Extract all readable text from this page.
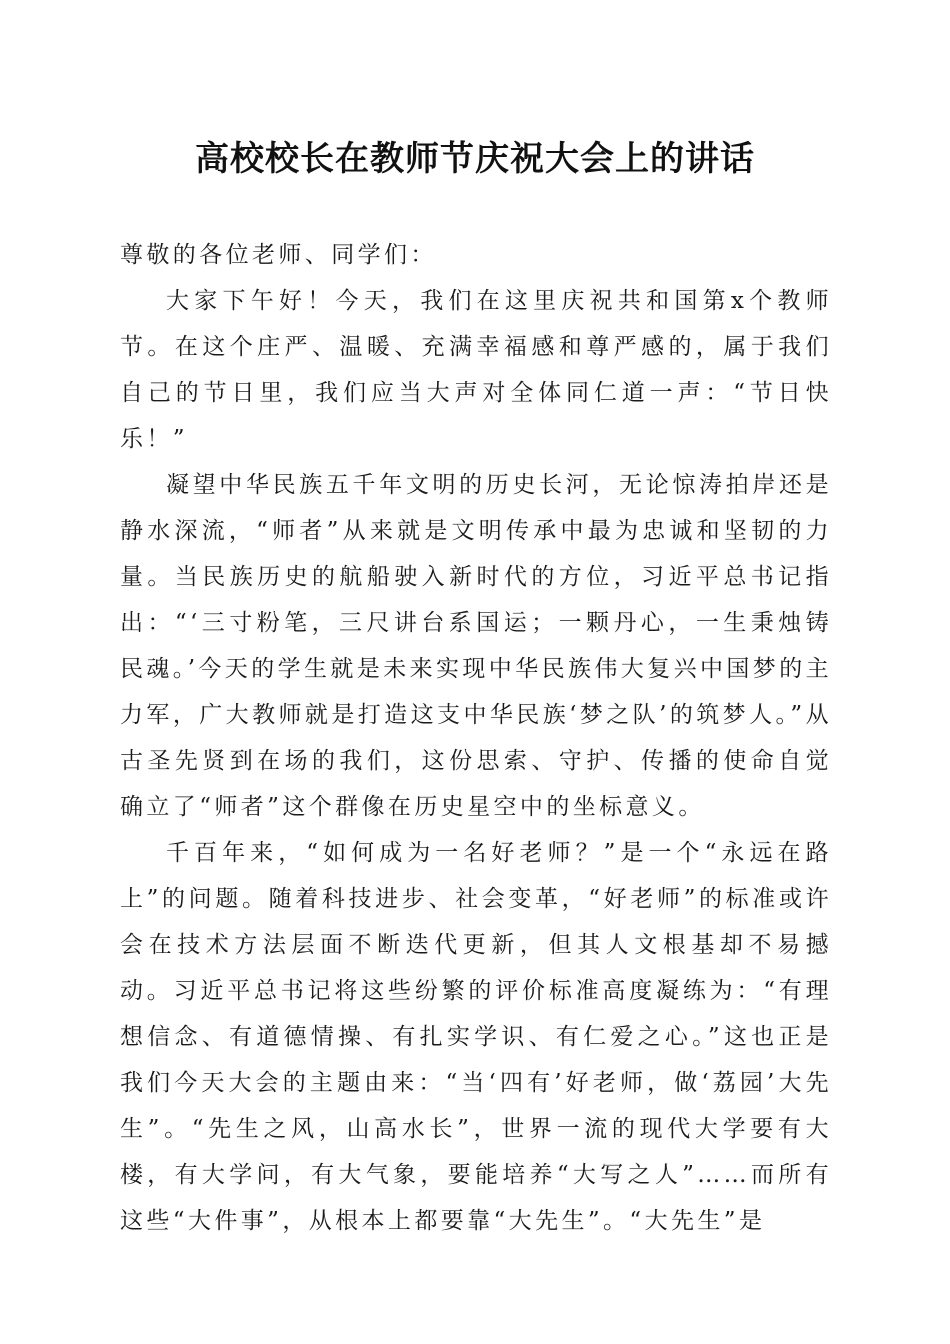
高校校长在教师节庆祝大会上的讲话

尊敬的各位老师、同学们：

大家下午好！今天，我们在这里庆祝共和国第x个教师节。在这个庄严、温暖、充满幸福感和尊严感的，属于我们自己的节日里，我们应当大声对全体同仁道一声：“节日快乐！”

凝望中华民族五千年文明的历史长河，无论惊涛拍岸还是静水深流，“师者”从来就是文明传承中最为忠诚和坚韧的力量。当民族历史的航船驶入新时代的方位，习近平总书记指出：“‘三寸粉笔，三尺讲台系国运；一颗丹心，一生秉烛铸民魂。’今天的学生就是未来实现中华民族伟大复兴中国梦的主力军，广大教师就是打造这支中华民族‘梦之队’的筑梦人。”从古圣先贤到在场的我们，这份思索、守护、传播的使命自觉确立了“师者”这个群像在历史星空中的坐标意义。

千百年来，“如何成为一名好老师？”是一个“永远在路上”的问题。随着科技进步、社会变革，“好老师”的标准或许会在技术方法层面不断迭代更新，但其人文根基却不易撼动。习近平总书记将这些纷繁的评价标准高度凝练为：“有理想信念、有道德情操、有扎实学识、有仁爱之心。”这也正是我们今天大会的主题由来：“当‘四有’好老师，做‘荔园’大先生”。“先生之风，山高水长”，世界一流的现代大学要有大楼，有大学问，有大气象，要能培养“大写之人”……而所有这些“大件事”，从根本上都要靠“大先生”。“大先生”是
